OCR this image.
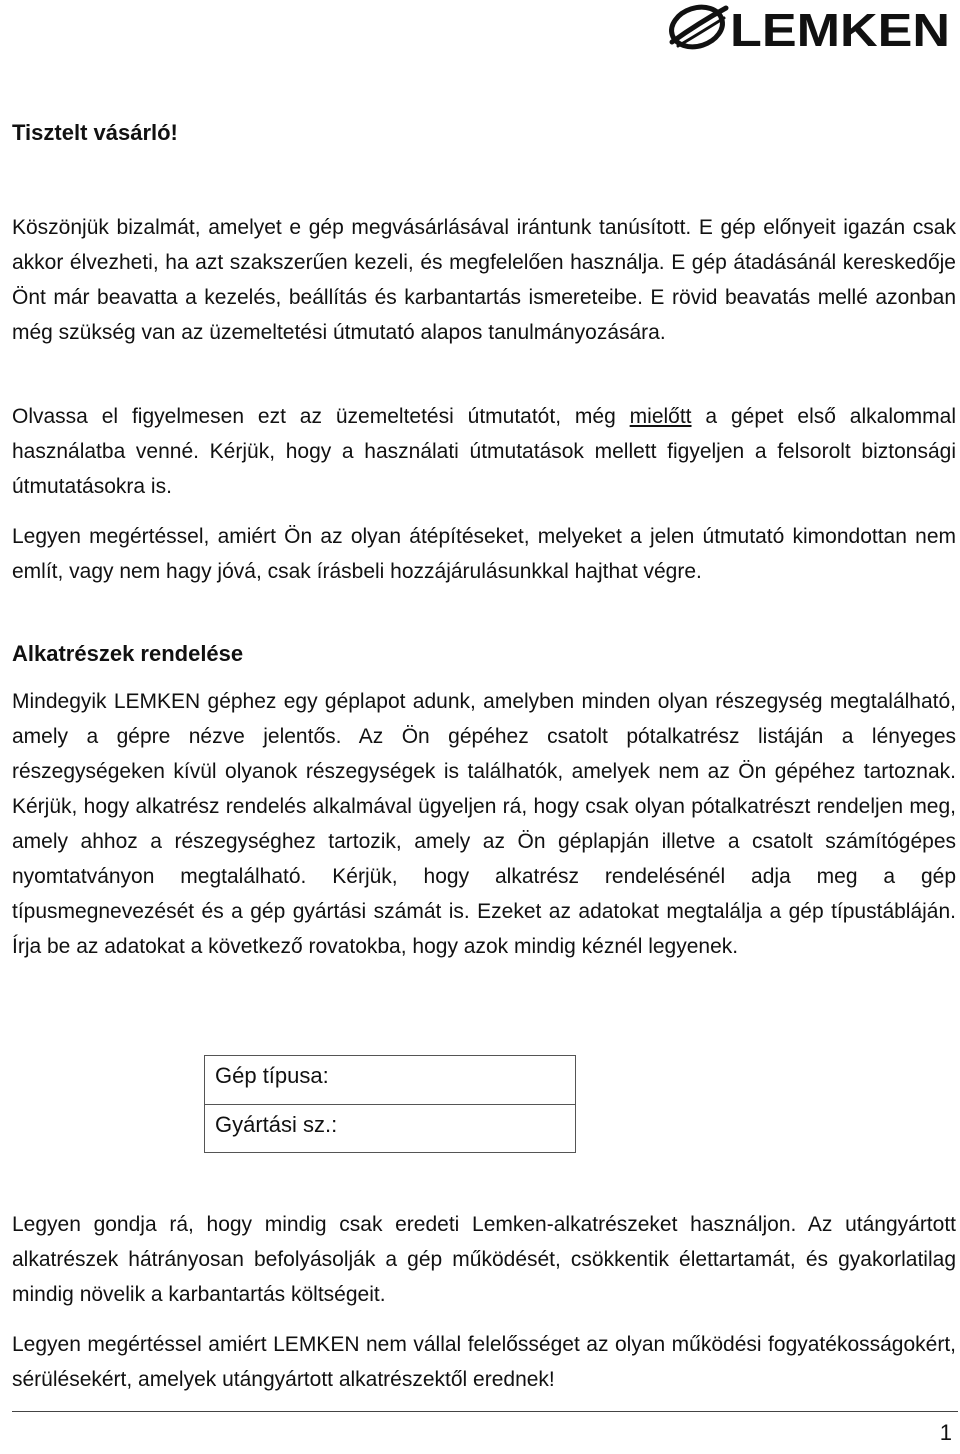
LEMKEN

Tisztelt vásárló!

Köszönjük bizalmát, amelyet e gép megvásárlásával irántunk tanúsított. E gép előnyeit igazán csak akkor élvezheti, ha azt szakszerűen kezeli, és megfelelően használja. E gép átadásánál kereskedője Önt már beavatta a kezelés, beállítás és karbantartás ismereteibe. E rövid beavatás mellé azonban még szükség van az üzemeltetési útmutató alapos tanulmányozására.

Olvassa el figyelmesen ezt az üzemeltetési útmutatót, még mielőtt a gépet első alkalommal használatba venné. Kérjük, hogy a használati útmutatások mellett figyeljen a felsorolt biztonsági útmutatásokra is.

Legyen megértéssel, amiért Ön az olyan átépítéseket, melyeket a jelen útmutató kimondottan nem említ, vagy nem hagy jóvá, csak írásbeli hozzájárulásunkkal hajthat végre.

Alkatrészek rendelése

Mindegyik LEMKEN géphez egy géplapot adunk, amelyben minden olyan részegység megtalálható, amely a gépre nézve jelentős. Az Ön gépéhez csatolt pótalkatrész listáján a lényeges részegységeken kívül olyanok részegységek is találhatók, amelyek nem az Ön gépéhez tartoznak. Kérjük, hogy alkatrész rendelés alkalmával ügyeljen rá, hogy csak olyan pótalkatrészt rendeljen meg, amely ahhoz a részegységhez tartozik, amely az Ön géplapján illetve a csatolt számítógépes nyomtatványon megtalálható. Kérjük, hogy alkatrész rendelésénél adja meg a gép típusmegnevezését és a gép gyártási számát is. Ezeket az adatokat megtalálja a gép típustábláján. Írja be az adatokat a következő rovatokba, hogy azok mindig kéznél legyenek.

Gép típusa:
Gyártási sz.:

Legyen gondja rá, hogy mindig csak eredeti Lemken-alkatrészeket használjon. Az utángyártott alkatrészek hátrányosan befolyásolják a gép működését, csökkentik élettartamát, és gyakorlatilag mindig növelik a karbantartás költségeit.

Legyen megértéssel amiért LEMKEN nem vállal felelősséget az olyan működési fogyatékosságokért, sérülésekért, amelyek utángyártott alkatrészektől erednek!

1
